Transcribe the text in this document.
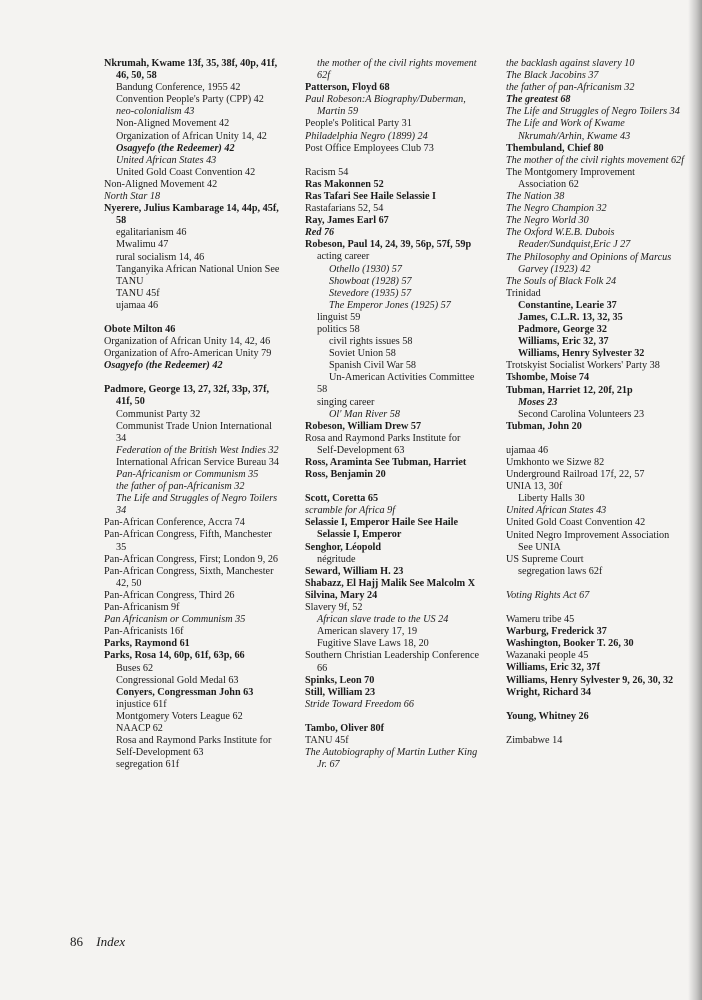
Nkrumah, Kwame 13f, 35, 38f, 40p, 41f,
46, 50, 58
Bandung Conference, 1955 42
Convention People's Party (CPP) 42
neo-colonialism 43
Non-Aligned Movement 42
Organization of African Unity 14, 42
Osagyefo (the Redeemer) 42
United African States 43
United Gold Coast Convention 42
Non-Aligned Movement 42
North Star 18
Nyerere, Julius Kambarage 14, 44p, 45f,
58
egalitarianism 46
Mwalimu 47
rural socialism 14, 46
Tanganyika African National Union See
TANU
TANU 45f
ujamaa 46
Obote Milton 46
Organization of African Unity 14, 42, 46
Organization of Afro-American Unity 79
Osagyefo (the Redeemer) 42
Padmore, George 13, 27, 32f, 33p, 37f,
41f, 50
Communist Party 32
Communist Trade Union International
34
Federation of the British West Indies 32
International African Service Bureau 34
Pan-Africanism or Communism 35
the father of pan-Africanism 32
The Life and Struggles of Negro Toilers
34
Pan-African Conference, Accra 74
Pan-African Congress, Fifth, Manchester
35
Pan-African Congress, First; London 9, 26
Pan-African Congress, Sixth, Manchester
42, 50
Pan-African Congress, Third 26
Pan-Africanism 9f
Pan Africanism or Communism 35
Pan-Africanists 16f
Parks, Raymond 61
Parks, Rosa 14, 60p, 61f, 63p, 66
Buses 62
Congressional Gold Medal 63
Conyers, Congressman John 63
injustice 61f
Montgomery Voters League 62
NAACP 62
Rosa and Raymond Parks Institute for
Self-Development 63
segregation 61f
the mother of the civil rights movement
62f
Patterson, Floyd 68
Paul Robeson:A Biography/Duberman,
Martin 59
People's Political Party 31
Philadelphia Negro (1899) 24
Post Office Employees Club 73
Racism 54
Ras Makonnen 52
Ras Tafari See Haile Selassie I
Rastafarians 52, 54
Ray, James Earl 67
Red 76
Robeson, Paul 14, 24, 39, 56p, 57f, 59p
acting career
Othello (1930) 57
Showboat (1928) 57
Stevedore (1935) 57
The Emperor Jones (1925) 57
linguist 59
politics 58
civil rights issues 58
Soviet Union 58
Spanish Civil War 58
Un-American Activities Committee
58
singing career
Ol' Man River 58
Robeson, William Drew 57
Rosa and Raymond Parks Institute for
Self-Development 63
Ross, Araminta See Tubman, Harriet
Ross, Benjamin 20
Scott, Coretta 65
scramble for Africa 9f
Selassie I, Emperor Haile See Haile
Selassie I, Emperor
Senghor, Léopold
négritude
Seward, William H. 23
Shabazz, El Hajj Malik See Malcolm X
Silvina, Mary 24
Slavery 9f, 52
African slave trade to the US 24
American slavery 17, 19
Fugitive Slave Laws 18, 20
Southern Christian Leadership Conference
66
Spinks, Leon 70
Still, William 23
Stride Toward Freedom 66
Tambo, Oliver 80f
TANU 45f
The Autobiography of Martin Luther King
Jr. 67
the backlash against slavery 10
The Black Jacobins 37
the father of pan-Africanism 32
The greatest 68
The Life and Struggles of Negro Toilers 34
The Life and Work of Kwame
Nkrumah/Arhin, Kwame 43
Thembuland, Chief 80
The mother of the civil rights movement 62f
The Montgomery Improvement
Association 62
The Nation 38
The Negro Champion 32
The Negro World 30
The Oxford W.E.B. Dubois
Reader/Sundquist,Eric J 27
The Philosophy and Opinions of Marcus
Garvey (1923) 42
The Souls of Black Folk 24
Trinidad
Constantine, Learie 37
James, C.L.R. 13, 32, 35
Padmore, George 32
Williams, Eric 32, 37
Williams, Henry Sylvester 32
Trotskyist Socialist Workers' Party 38
Tshombe, Moise 74
Tubman, Harriet 12, 20f, 21p
Moses 23
Second Carolina Volunteers 23
Tubman, John 20
ujamaa 46
Umkhonto we Sizwe 82
Underground Railroad 17f, 22, 57
UNIA 13, 30f
Liberty Halls 30
United African States 43
United Gold Coast Convention 42
United Negro Improvement Association
See UNIA
US Supreme Court
segregation laws 62f
Voting Rights Act 67
Wameru tribe 45
Warburg, Frederick 37
Washington, Booker T. 26, 30
Wazanaki people 45
Williams, Eric 32, 37f
Williams, Henry Sylvester 9, 26, 30, 32
Wright, Richard 34
Young, Whitney 26
Zimbabwe 14
86 Index
